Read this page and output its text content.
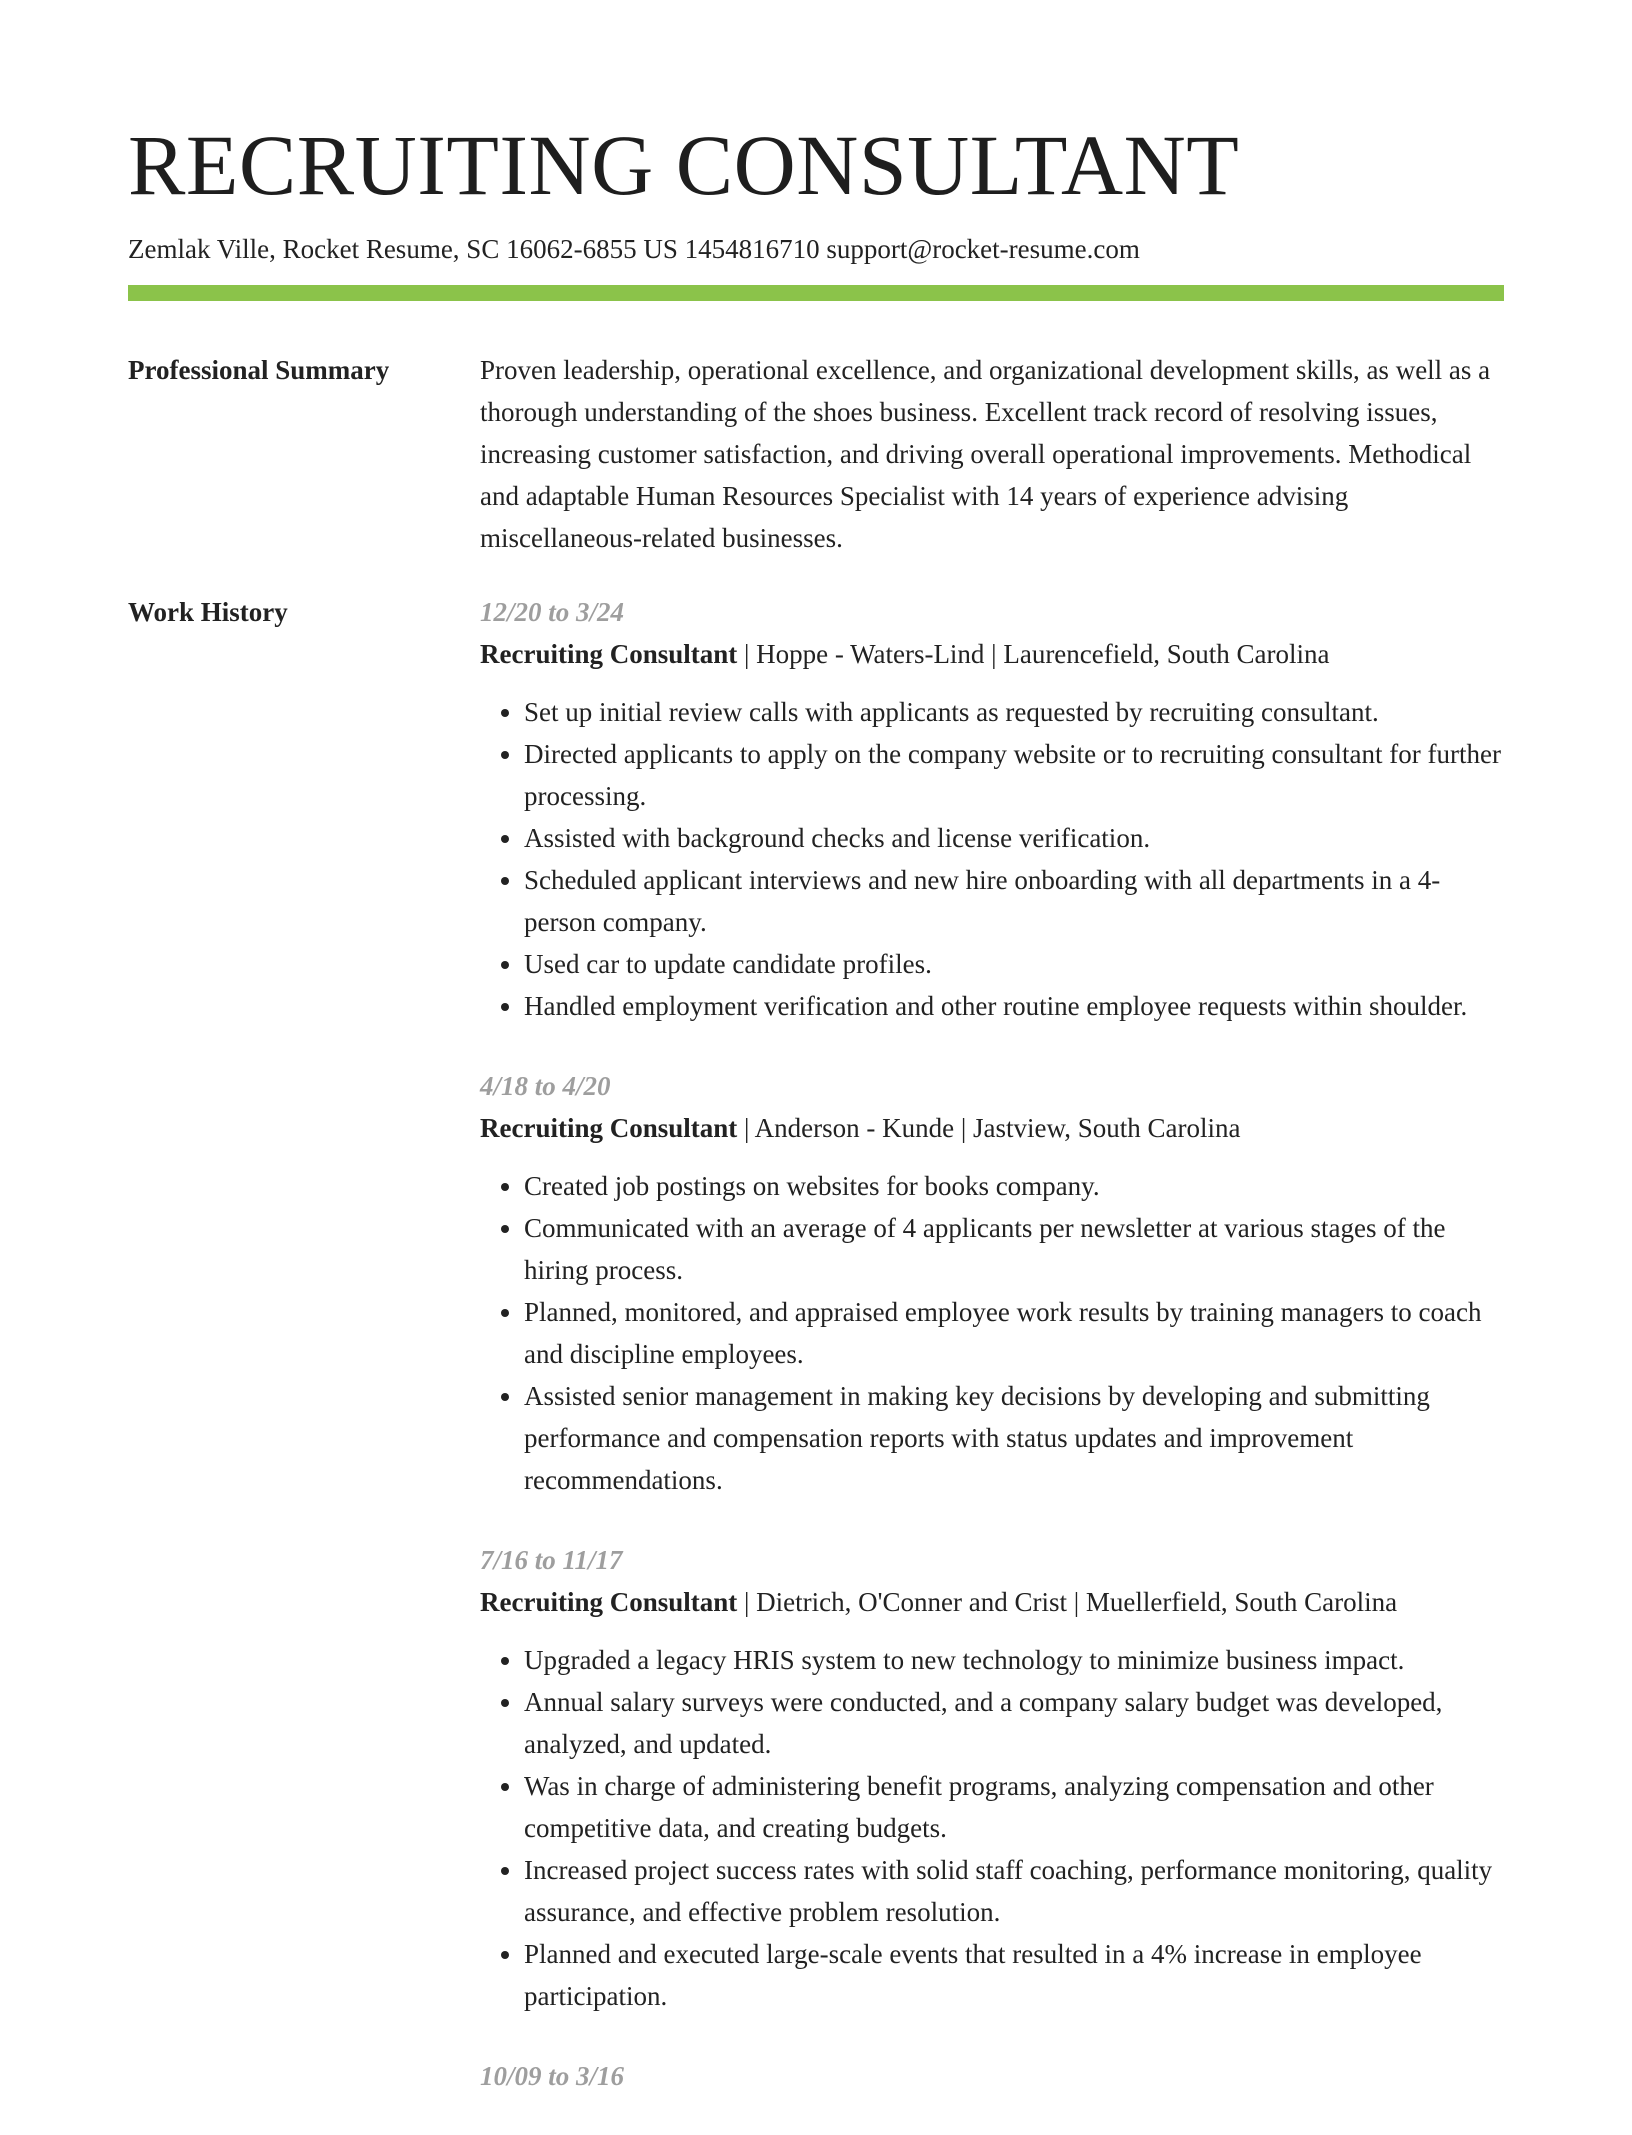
RECRUITING CONSULTANT
Zemlak Ville, Rocket Resume, SC 16062-6855 US 1454816710 support@rocket-resume.com
Professional Summary	Proven leadership, operational excellence, and organizational development skills, as well as a thorough understanding of the shoes business. Excellent track record of resolving issues, increasing customer satisfaction, and driving overall operational improvements. Methodical and adaptable Human Resources Specialist with 14 years of experience advising miscellaneous-related businesses.

Work History	12/20 to 3/24
Recruiting Consultant | Hoppe - Waters-Lind | Laurencefield, South Carolina
• Set up initial review calls with applicants as requested by recruiting consultant.
• Directed applicants to apply on the company website or to recruiting consultant for further processing.
• Assisted with background checks and license verification.
• Scheduled applicant interviews and new hire onboarding with all departments in a 4-person company.
• Used car to update candidate profiles.
• Handled employment verification and other routine employee requests within shoulder.
4/18 to 4/20
Recruiting Consultant | Anderson - Kunde | Jastview, South Carolina
• Created job postings on websites for books company.
• Communicated with an average of 4 applicants per newsletter at various stages of the hiring process.
• Planned, monitored, and appraised employee work results by training managers to coach and discipline employees.
• Assisted senior management in making key decisions by developing and submitting performance and compensation reports with status updates and improvement recommendations.
7/16 to 11/17
Recruiting Consultant | Dietrich, O'Conner and Crist | Muellerfield, South Carolina
• Upgraded a legacy HRIS system to new technology to minimize business impact.
• Annual salary surveys were conducted, and a company salary budget was developed, analyzed, and updated.
• Was in charge of administering benefit programs, analyzing compensation and other competitive data, and creating budgets.
• Increased project success rates with solid staff coaching, performance monitoring, quality assurance, and effective problem resolution.
• Planned and executed large-scale events that resulted in a 4% increase in employee participation.
10/09 to 3/16
